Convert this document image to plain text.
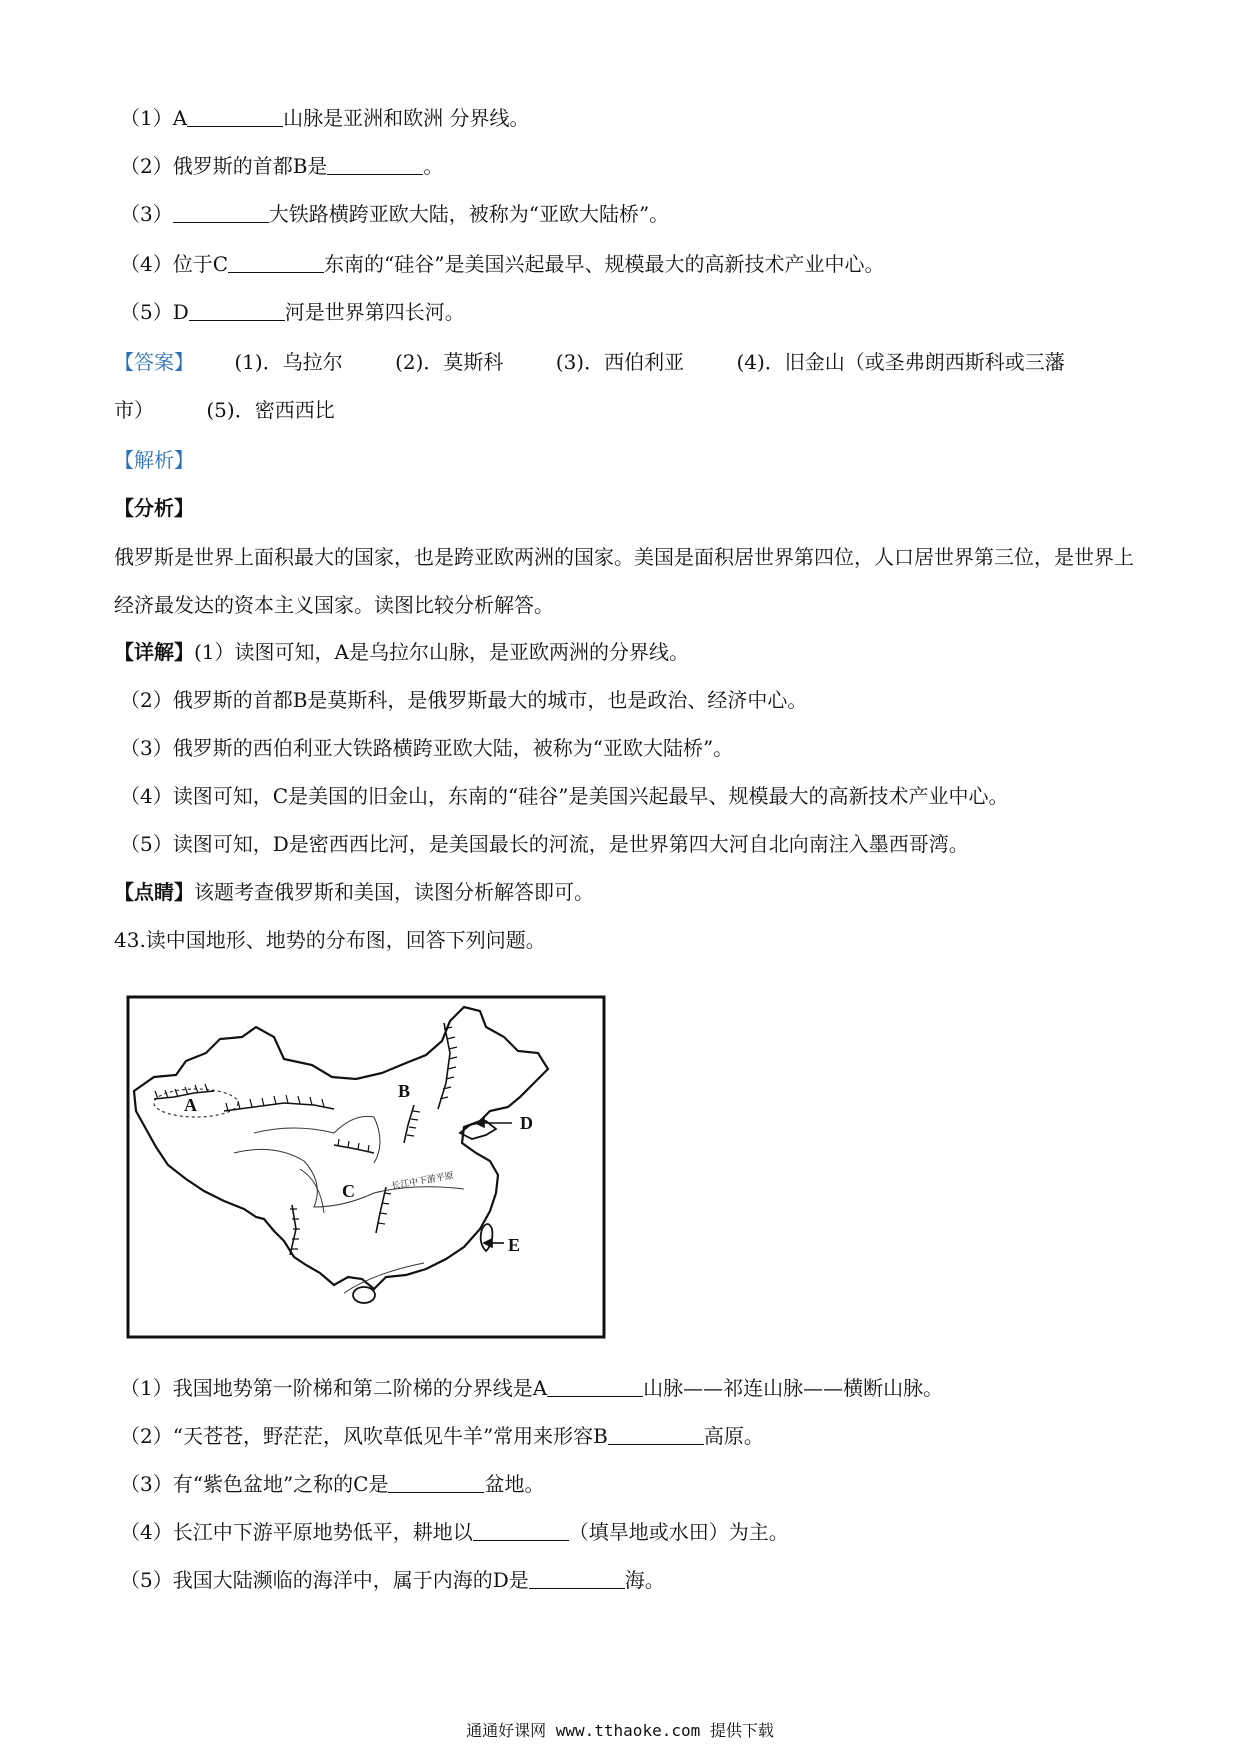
（1）A	山脉是亚洲和欧洲 分界线。
（2）俄罗斯的首都B是	。
（3）	大铁路横跨亚欧大陆，被称为“亚欧大陆桥”。
（4）位于C	东南的“硅谷”是美国兴起最早、规模最大的高新技术产业中心。
（5）D	河是世界第四长河。
【答案】 (1)．乌拉尔	(2)．莫斯科	(3)．西伯利亚	(4)．旧金山（或圣弗朗西斯科或三藩
市）	(5)．密西西比
【解析】
【分析】
俄罗斯是世界上面积最大的国家，也是跨亚欧两洲的国家。美国是面积居世界第四位，人口居世界第三位，是世界上经济最发达的资本主义国家。读图比较分析解答。
【详解】(1）读图可知，A是乌拉尔山脉，是亚欧两洲的分界线。
（2）俄罗斯的首都B是莫斯科，是俄罗斯最大的城市，也是政治、经济中心。
（3）俄罗斯的西伯利亚大铁路横跨亚欧大陆，被称为“亚欧大陆桥”。
（4）读图可知，C是美国的旧金山，东南的“硅谷”是美国兴起最早、规模最大的高新技术产业中心。
（5）读图可知，D是密西西比河，是美国最长的河流，是世界第四大河自北向南注入墨西哥湾。
【点睛】该题考查俄罗斯和美国，读图分析解答即可。
43.读中国地形、地势的分布图，回答下列问题。
A
B
C
D
E
长江中下游平原
（1）我国地势第一阶梯和第二阶梯的分界线是A	山脉——祁连山脉——横断山脉。
（2）“天苍苍，野茫茫，风吹草低见牛羊”常用来形容B	高原。
（3）有“紫色盆地”之称的C是	盆地。
（4）长江中下游平原地势低平，耕地以	（填旱地或水田）为主。
（5）我国大陆濒临的海洋中，属于内海的D是	海。
通通好课网 www.tthaoke.com 提供下载
